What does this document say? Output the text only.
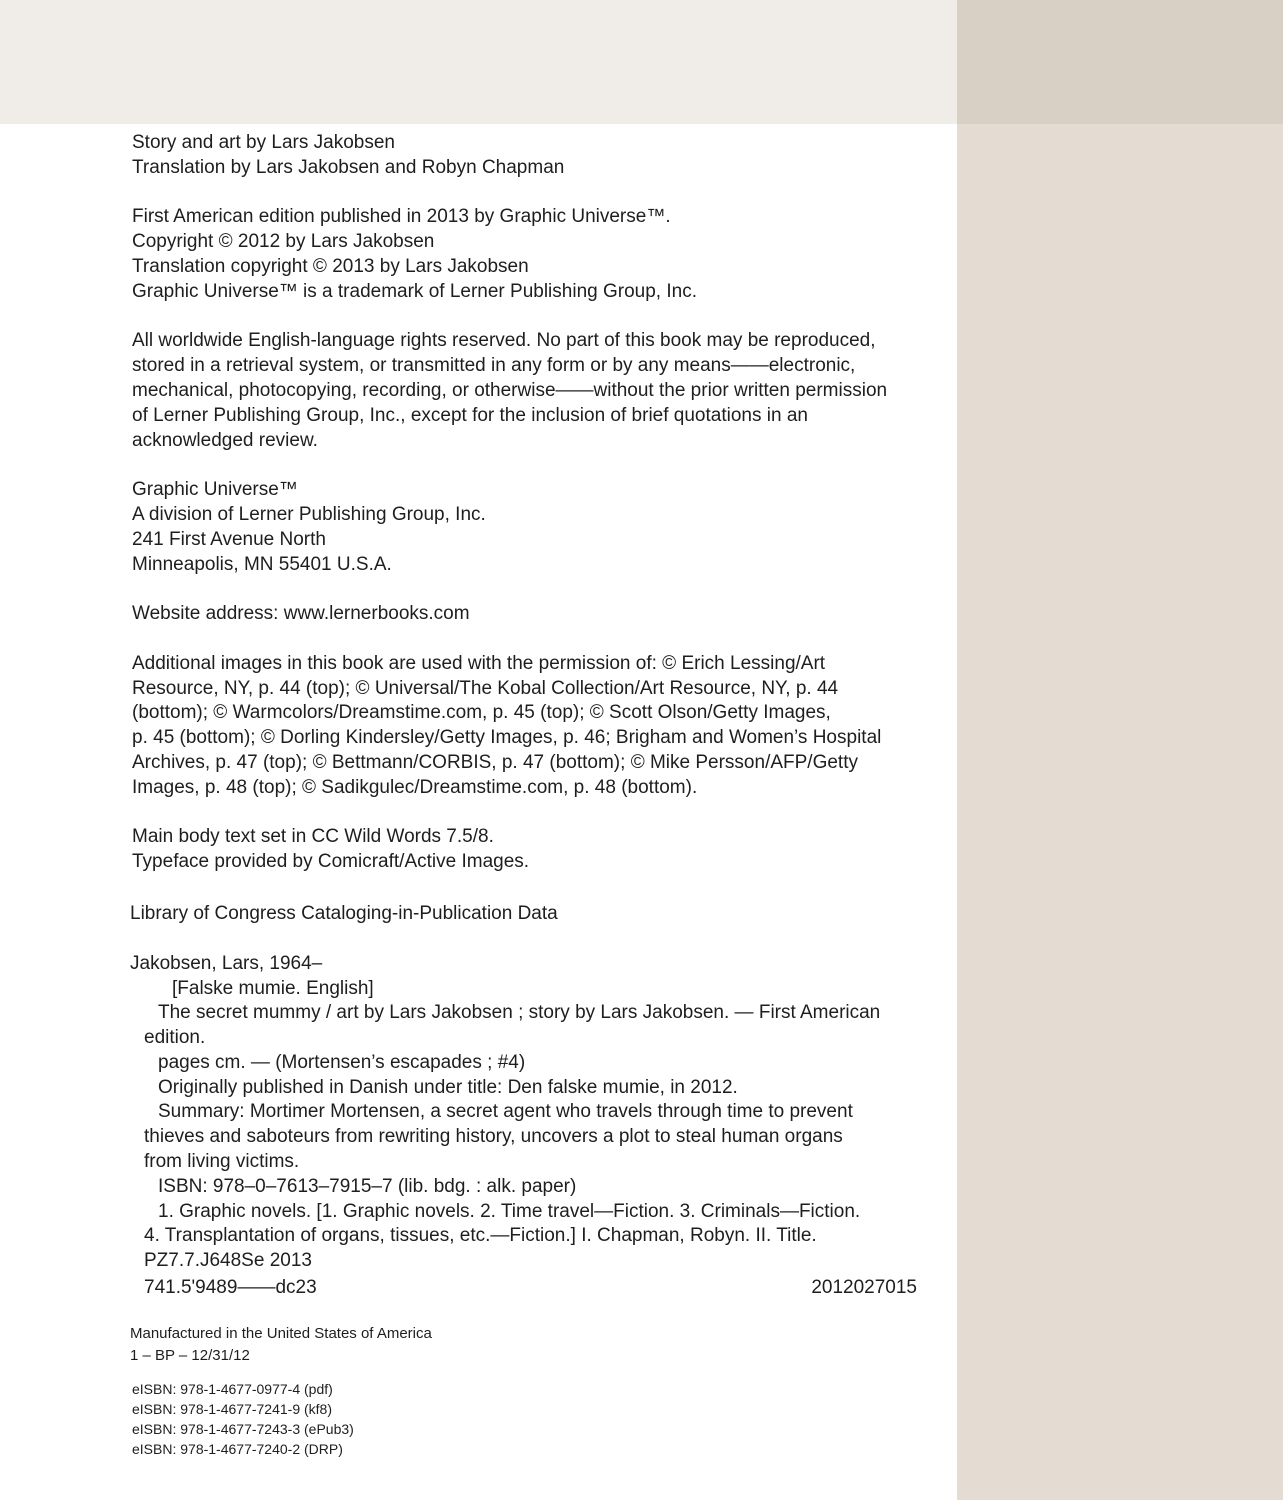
Story and art by Lars Jakobsen

Translation by Lars Jakobsen and Robyn Chapman

First American edition published in 2013 by Graphic Universe™.

Copyright © 2012 by Lars Jakobsen

Translation copyright © 2013 by Lars Jakobsen

Graphic Universe™ is a trademark of Lerner Publishing Group, Inc.

All worldwide English-language rights reserved. No part of this book may be reproduced,

stored in a retrieval system, or transmitted in any form or by any means——electronic,

mechanical, photocopying, recording, or otherwise——without the prior written permission

of Lerner Publishing Group, Inc., except for the inclusion of brief quotations in an

acknowledged review.

Graphic Universe™

A division of Lerner Publishing Group, Inc.

241 First Avenue North

Minneapolis, MN 55401 U.S.A.

Website address: www.lernerbooks.com

Additional images in this book are used with the permission of: © Erich Lessing/Art

Resource, NY, p. 44 (top); © Universal/The Kobal Collection/Art Resource, NY, p. 44

(bottom); © Warmcolors/Dreamstime.com, p. 45 (top); © Scott Olson/Getty Images,

p. 45 (bottom); © Dorling Kindersley/Getty Images, p. 46; Brigham and Women’s Hospital

Archives, p. 47 (top); © Bettmann/CORBIS, p. 47 (bottom); © Mike Persson/AFP/Getty

Images, p. 48 (top); © Sadikgulec/Dreamstime.com, p. 48 (bottom).

Main body text set in CC Wild Words 7.5/8.

Typeface provided by Comicraft/Active Images.

Library of Congress Cataloging-in-Publication Data

Jakobsen, Lars, 1964–

[Falske mumie. English]

The secret mummy / art by Lars Jakobsen ; story by Lars Jakobsen. — First American

edition.

pages cm. — (Mortensen’s escapades ; #4)

Originally published in Danish under title: Den falske mumie, in 2012.

Summary: Mortimer Mortensen, a secret agent who travels through time to prevent

thieves and saboteurs from rewriting history, uncovers a plot to steal human organs

from living victims.

ISBN: 978–0–7613–7915–7 (lib. bdg. : alk. paper)

1. Graphic novels. [1. Graphic novels. 2. Time travel—Fiction. 3. Criminals—Fiction.

4. Transplantation of organs, tissues, etc.—Fiction.] I. Chapman, Robyn. II. Title.

PZ7.7.J648Se 2013

741.5'9489——dc23	2012027015

Manufactured in the United States of America

1 – BP – 12/31/12

eISBN: 978-1-4677-0977-4 (pdf)

eISBN: 978-1-4677-7241-9 (kf8)

eISBN: 978-1-4677-7243-3 (ePub3)

eISBN: 978-1-4677-7240-2 (DRP)
